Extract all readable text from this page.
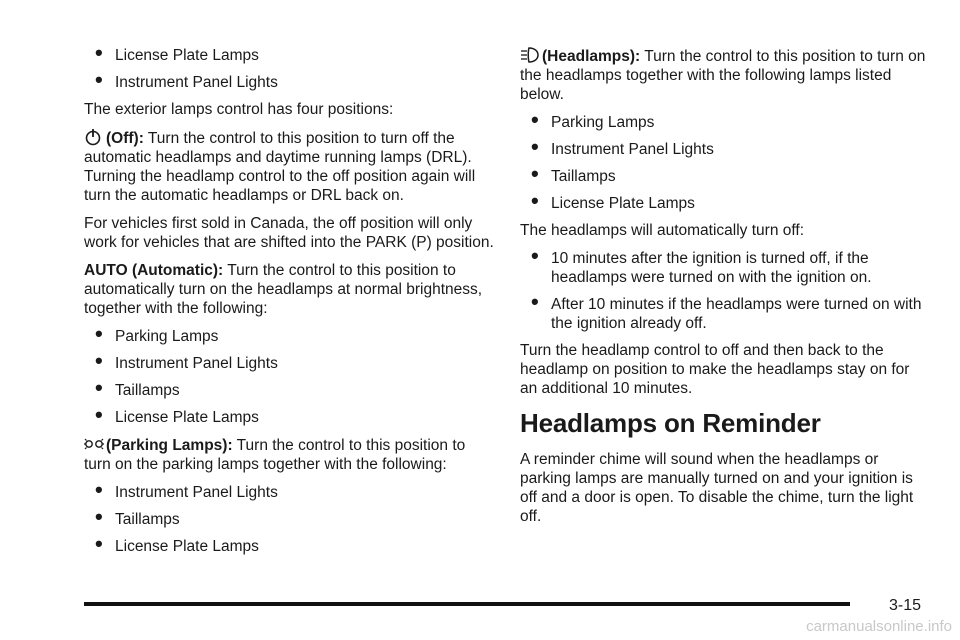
• License Plate Lamps
• Instrument Panel Lights

The exterior lamps control has four positions:

(Off): Turn the control to this position to turn off the automatic headlamps and daytime running lamps (DRL). Turning the headlamp control to the off position again will turn the automatic headlamps or DRL back on.

For vehicles first sold in Canada, the off position will only work for vehicles that are shifted into the PARK (P) position.

AUTO (Automatic): Turn the control to this position to automatically turn on the headlamps at normal brightness, together with the following:

• Parking Lamps
• Instrument Panel Lights
• Taillamps
• License Plate Lamps

(Parking Lamps): Turn the control to this position to turn on the parking lamps together with the following:

• Instrument Panel Lights
• Taillamps
• License Plate Lamps

(Headlamps): Turn the control to this position to turn on the headlamps together with the following lamps listed below.

• Parking Lamps
• Instrument Panel Lights
• Taillamps
• License Plate Lamps

The headlamps will automatically turn off:

• 10 minutes after the ignition is turned off, if the headlamps were turned on with the ignition on.
• After 10 minutes if the headlamps were turned on with the ignition already off.

Turn the headlamp control to off and then back to the headlamp on position to make the headlamps stay on for an additional 10 minutes.

Headlamps on Reminder

A reminder chime will sound when the headlamps or parking lamps are manually turned on and your ignition is off and a door is open. To disable the chime, turn the light off.

3-15
carmanualsonline.info
